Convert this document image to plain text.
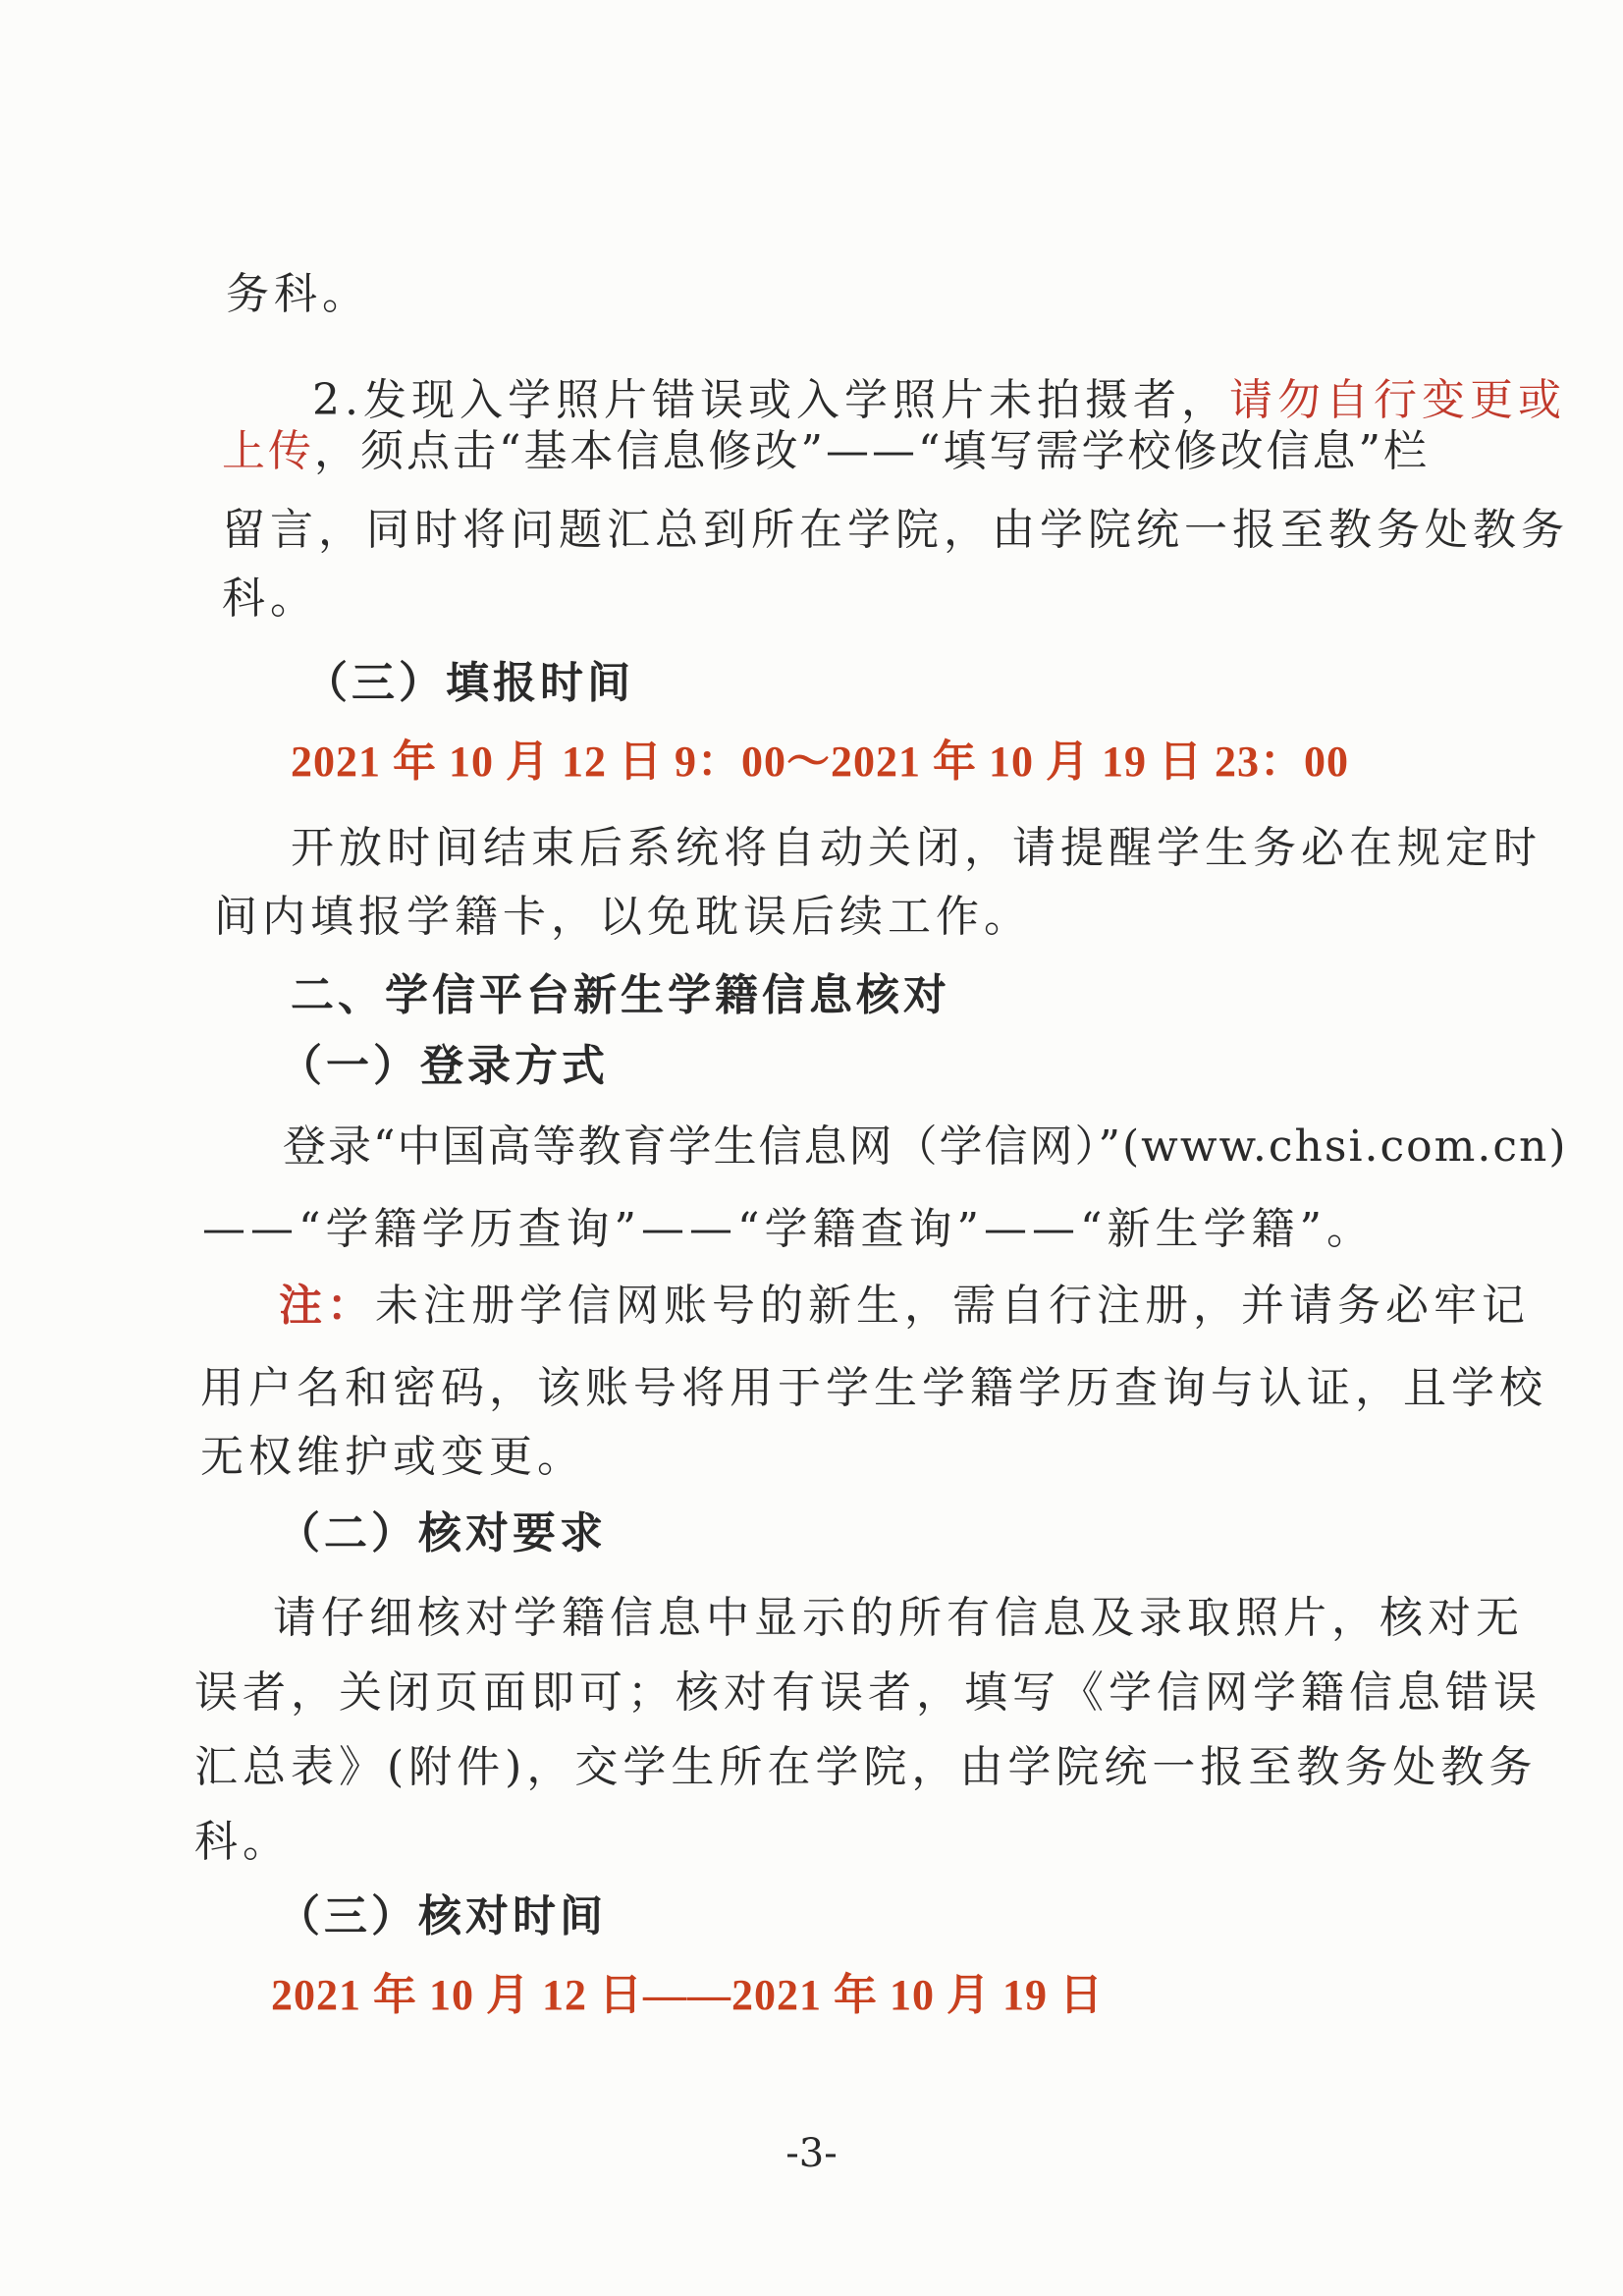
务科。
2.发现入学照片错误或入学照片未拍摄者，请勿自行变更或
上传，须点击“基本信息修改”——“填写需学校修改信息”栏
留言，同时将问题汇总到所在学院，由学院统一报至教务处教务
科。
（三）填报时间
2021 年 10 月 12 日 9：00～2021 年 10 月 19 日 23：00
开放时间结束后系统将自动关闭，请提醒学生务必在规定时
间内填报学籍卡，以免耽误后续工作。
二、学信平台新生学籍信息核对
（一）登录方式
登录“中国高等教育学生信息网（学信网）”(www.chsi.com.cn)
——“学籍学历查询”——“学籍查询”——“新生学籍”。
注：未注册学信网账号的新生，需自行注册，并请务必牢记
用户名和密码，该账号将用于学生学籍学历查询与认证，且学校
无权维护或变更。
（二）核对要求
请仔细核对学籍信息中显示的所有信息及录取照片，核对无
误者，关闭页面即可；核对有误者，填写《学信网学籍信息错误
汇总表》(附件)，交学生所在学院，由学院统一报至教务处教务
科。
（三）核对时间
2021 年 10 月 12 日——2021 年 10 月 19 日
-3-
